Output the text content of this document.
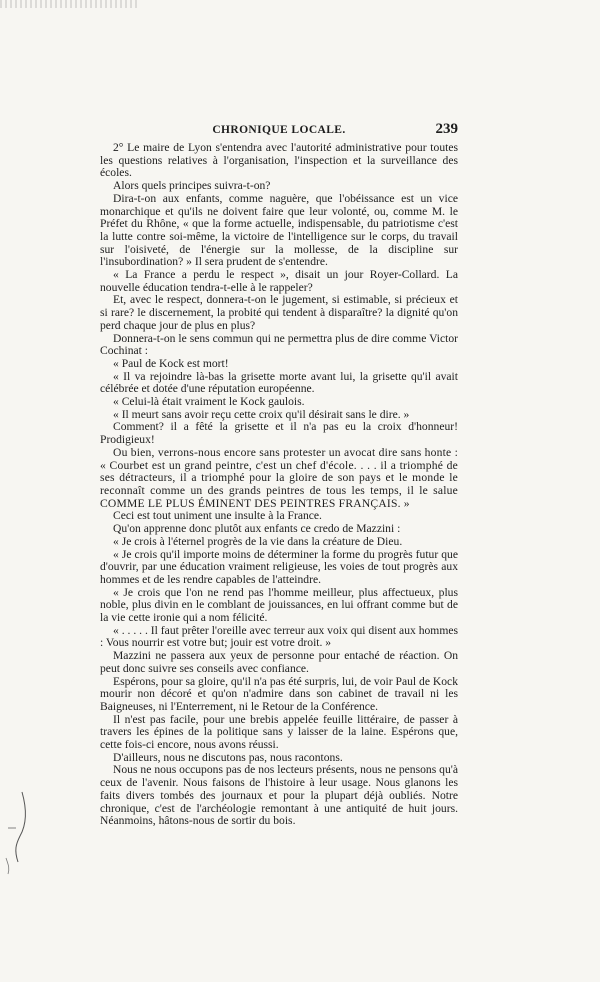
CHRONIQUE LOCALE.	239

2° Le maire de Lyon s'entendra avec l'autorité administrative pour toutes les questions relatives à l'organisation, l'inspection et la surveillance des écoles.

Alors quels principes suivra-t-on?

Dira-t-on aux enfants, comme naguère, que l'obéissance est un vice monarchique et qu'ils ne doivent faire que leur volonté, ou, comme M. le Préfet du Rhône, « que la forme actuelle, indispensable, du patriotisme c'est la lutte contre soi-même, la victoire de l'intelligence sur le corps, du travail sur l'oisiveté, de l'énergie sur la mollesse, de la discipline sur l'insubordination? » Il sera prudent de s'entendre.

« La France a perdu le respect », disait un jour Royer-Collard. La nouvelle éducation tendra-t-elle à le rappeler?

Et, avec le respect, donnera-t-on le jugement, si estimable, si précieux et si rare? le discernement, la probité qui tendent à disparaître? la dignité qu'on perd chaque jour de plus en plus?

Donnera-t-on le sens commun qui ne permettra plus de dire comme Victor Cochinat :

« Paul de Kock est mort!

« Il va rejoindre là-bas la grisette morte avant lui, la grisette qu'il avait célébrée et dotée d'une réputation européenne.

« Celui-là était vraiment le Kock gaulois.

« Il meurt sans avoir reçu cette croix qu'il désirait sans le dire. »

Comment? il a fêté la grisette et il n'a pas eu la croix d'honneur! Prodigieux!

Ou bien, verrons-nous encore sans protester un avocat dire sans honte : « Courbet est un grand peintre, c'est un chef d'école. . . . il a triomphé de ses détracteurs, il a triomphé pour la gloire de son pays et le monde le reconnaît comme un des grands peintres de tous les temps, il le salue COMME LE PLUS ÉMINENT DES PEINTRES FRANÇAIS. »

Ceci est tout uniment une insulte à la France.

Qu'on apprenne donc plutôt aux enfants ce credo de Mazzini :

« Je crois à l'éternel progrès de la vie dans la créature de Dieu.

« Je crois qu'il importe moins de déterminer la forme du progrès futur que d'ouvrir, par une éducation vraiment religieuse, les voies de tout progrès aux hommes et de les rendre capables de l'atteindre.

« Je crois que l'on ne rend pas l'homme meilleur, plus affectueux, plus noble, plus divin en le comblant de jouissances, en lui offrant comme but de la vie cette ironie qui a nom félicité.

« . . . . . Il faut prêter l'oreille avec terreur aux voix qui disent aux hommes : Vous nourrir est votre but; jouir est votre droit. »

Mazzini ne passera aux yeux de personne pour entaché de réaction. On peut donc suivre ses conseils avec confiance.

Espérons, pour sa gloire, qu'il n'a pas été surpris, lui, de voir Paul de Kock mourir non décoré et qu'on n'admire dans son cabinet de travail ni les Baigneuses, ni l'Enterrement, ni le Retour de la Conférence.

Il n'est pas facile, pour une brebis appelée feuille littéraire, de passer à travers les épines de la politique sans y laisser de la laine. Espérons que, cette fois-ci encore, nous avons réussi.

D'ailleurs, nous ne discutons pas, nous racontons.

Nous ne nous occupons pas de nos lecteurs présents, nous ne pensons qu'à ceux de l'avenir. Nous faisons de l'histoire à leur usage. Nous glanons les faits divers tombés des journaux et pour la plupart déjà oubliés. Notre chronique, c'est de l'archéologie remontant à une antiquité de huit jours. Néanmoins, hâtons-nous de sortir du bois.
